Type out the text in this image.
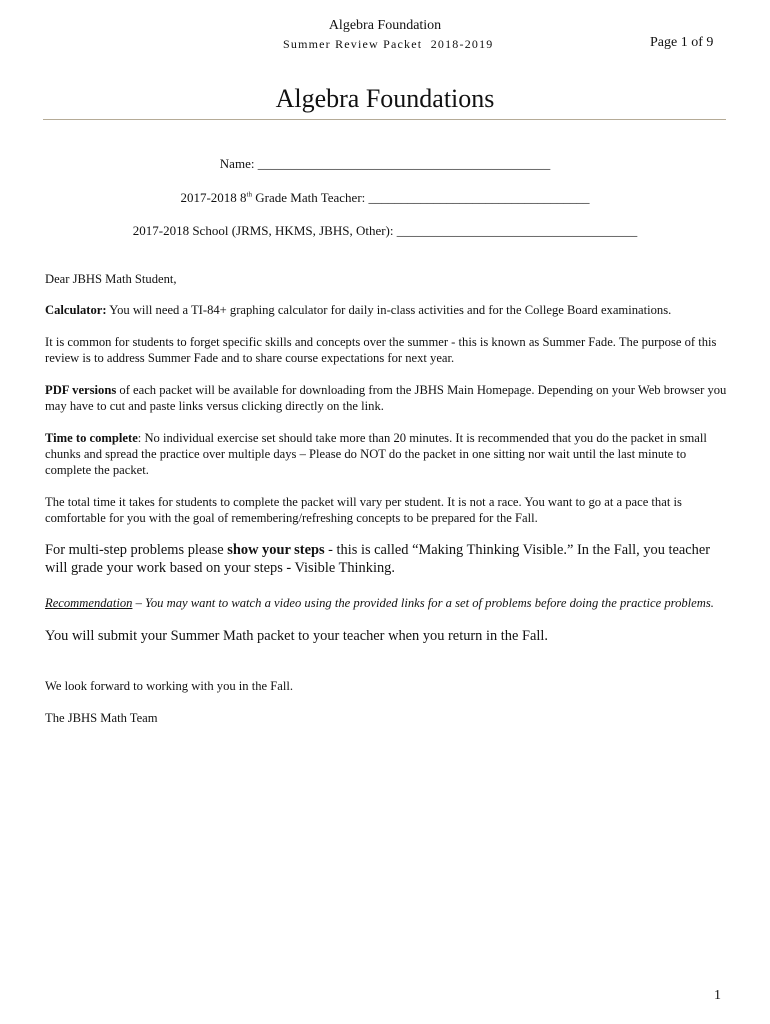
Algebra Foundation
Summer Review Packet  2018-2019	Page 1 of 9
Algebra Foundations
Name: _____________________________________________
2017-2018 8th Grade Math Teacher: __________________________________
2017-2018 School (JRMS, HKMS, JBHS, Other): _____________________________________

Dear JBHS Math Student,

Calculator: You will need a TI-84+ graphing calculator for daily in-class activities and for the College Board examinations.

It is common for students to forget specific skills and concepts over the summer - this is known as Summer Fade. The purpose of this review is to address Summer Fade and to share course expectations for next year.

PDF versions of each packet will be available for downloading from the JBHS Main Homepage. Depending on your Web browser you may have to cut and paste links versus clicking directly on the link.

Time to complete: No individual exercise set should take more than 20 minutes. It is recommended that you do the packet in small chunks and spread the practice over multiple days – Please do NOT do the packet in one sitting nor wait until the last minute to complete the packet.

The total time it takes for students to complete the packet will vary per student. It is not a race. You want to go at a pace that is comfortable for you with the goal of remembering/refreshing concepts to be prepared for the Fall.

For multi-step problems please show your steps - this is called “Making Thinking Visible.” In the Fall, you teacher will grade your work based on your steps - Visible Thinking.

Recommendation – You may want to watch a video using the provided links for a set of problems before doing the practice problems.

You will submit your Summer Math packet to your teacher when you return in the Fall.

We look forward to working with you in the Fall.

The JBHS Math Team

1
